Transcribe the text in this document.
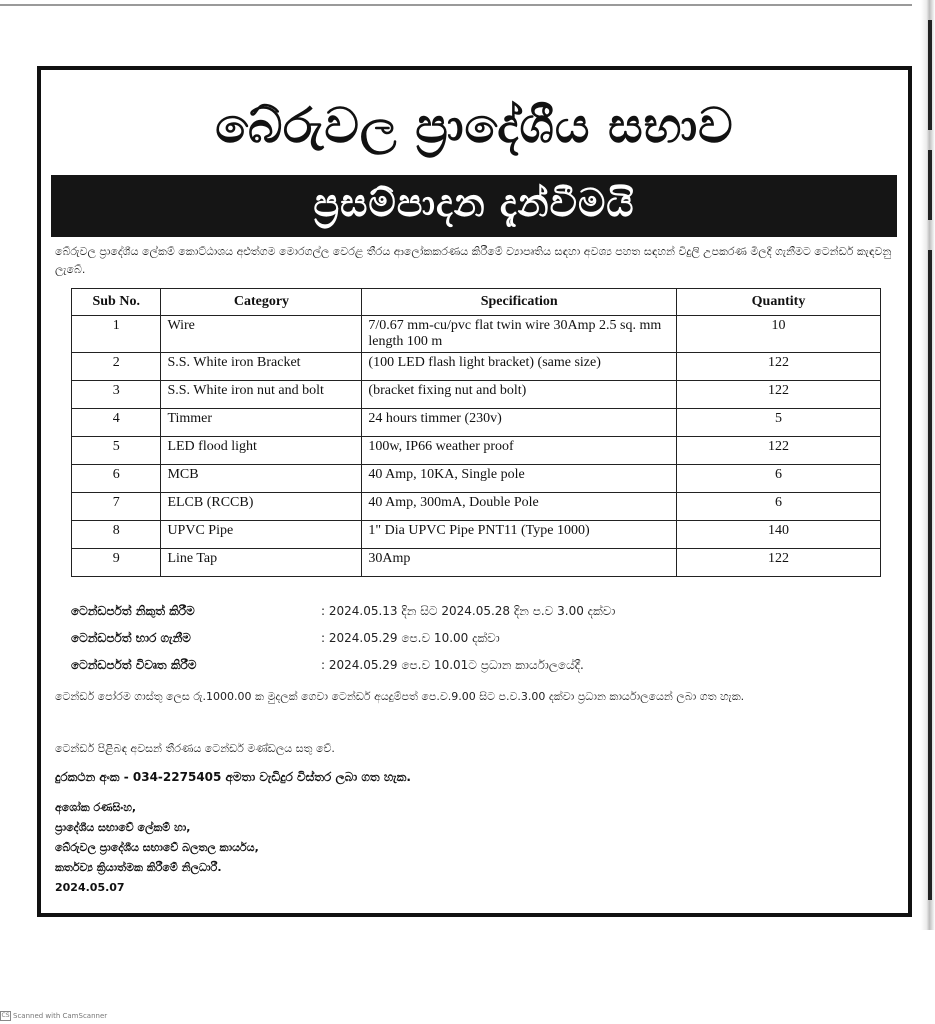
බේරුවල ප්‍රාදේශීය සභාව
ප්‍රසම්පාදන දැන්වීමයි
බේරුවල ප්‍රාදේශීය ලේකම් කොට්ඨාශය අළුත්ගම මොරගල්ල වෙරළ තීරය ආලෝකකරණය කිරීමේ ව්‍යාපෘතිය සඳහා අවශ්‍ය පහත සඳහන් විදුලි උපකරණ මිලදී ගැනීමට ටෙන්ඩර් කැඳවනු ලැබේ.
Sub No.	Category	Specification	Quantity
1	Wire	7/0.67 mm-cu/pvc flat twin wire 30Amp 2.5 sq. mm length 100 m	10
2	S.S. White iron Bracket	(100 LED flash light bracket) (same size)	122
3	S.S. White iron nut and bolt	(bracket fixing nut and bolt)	122
4	Timmer	24 hours timmer (230v)	5
5	LED flood light	100w, IP66 weather proof	122
6	MCB	40 Amp, 10KA, Single pole	6
7	ELCB (RCCB)	40 Amp, 300mA, Double Pole	6
8	UPVC Pipe	1" Dia UPVC Pipe PNT11 (Type 1000)	140
9	Line Tap	30Amp	122
ටෙන්ඩර්පත් නිකුත් කිරීම	: 2024.05.13 දින සිට 2024.05.28 දින ප.ව 3.00 දක්වා
ටෙන්ඩර්පත් භාර ගැනීම	: 2024.05.29 පෙ.ව 10.00 දක්වා
ටෙන්ඩර්පත් විවෘත කිරීම	: 2024.05.29 පෙ.ව 10.01ට ප්‍රධාන කාර්යාලයේදී.
ටෙන්ඩර් පෝරම ගාස්තු ලෙස රු.1000.00 ක මුදලක් ගෙවා ටෙන්ඩර් අයදුම්පත් පෙ.ව.9.00 සිට ප.ව.3.00 දක්වා ප්‍රධාන කාර්යාලයෙන් ලබා ගත හැක.
ටෙන්ඩර් පිළිබඳ අවසන් තීරණය ටෙන්ඩර් මණ්ඩලය සතු වේ.
දුරකථන අංක - 034-2275405 අමතා වැඩිදුර විස්තර ලබා ගත හැක.
අශෝක රණසිංහ,
ප්‍රාදේශීය සභාවේ ලේකම් හා,
බේරුවල ප්‍රාදේශීය සභාවේ බලතල කාර්යය,
කර්තව්‍ය ක්‍රියාත්මක කිරීමේ නිලධාරී.
2024.05.07
CS Scanned with CamScanner
